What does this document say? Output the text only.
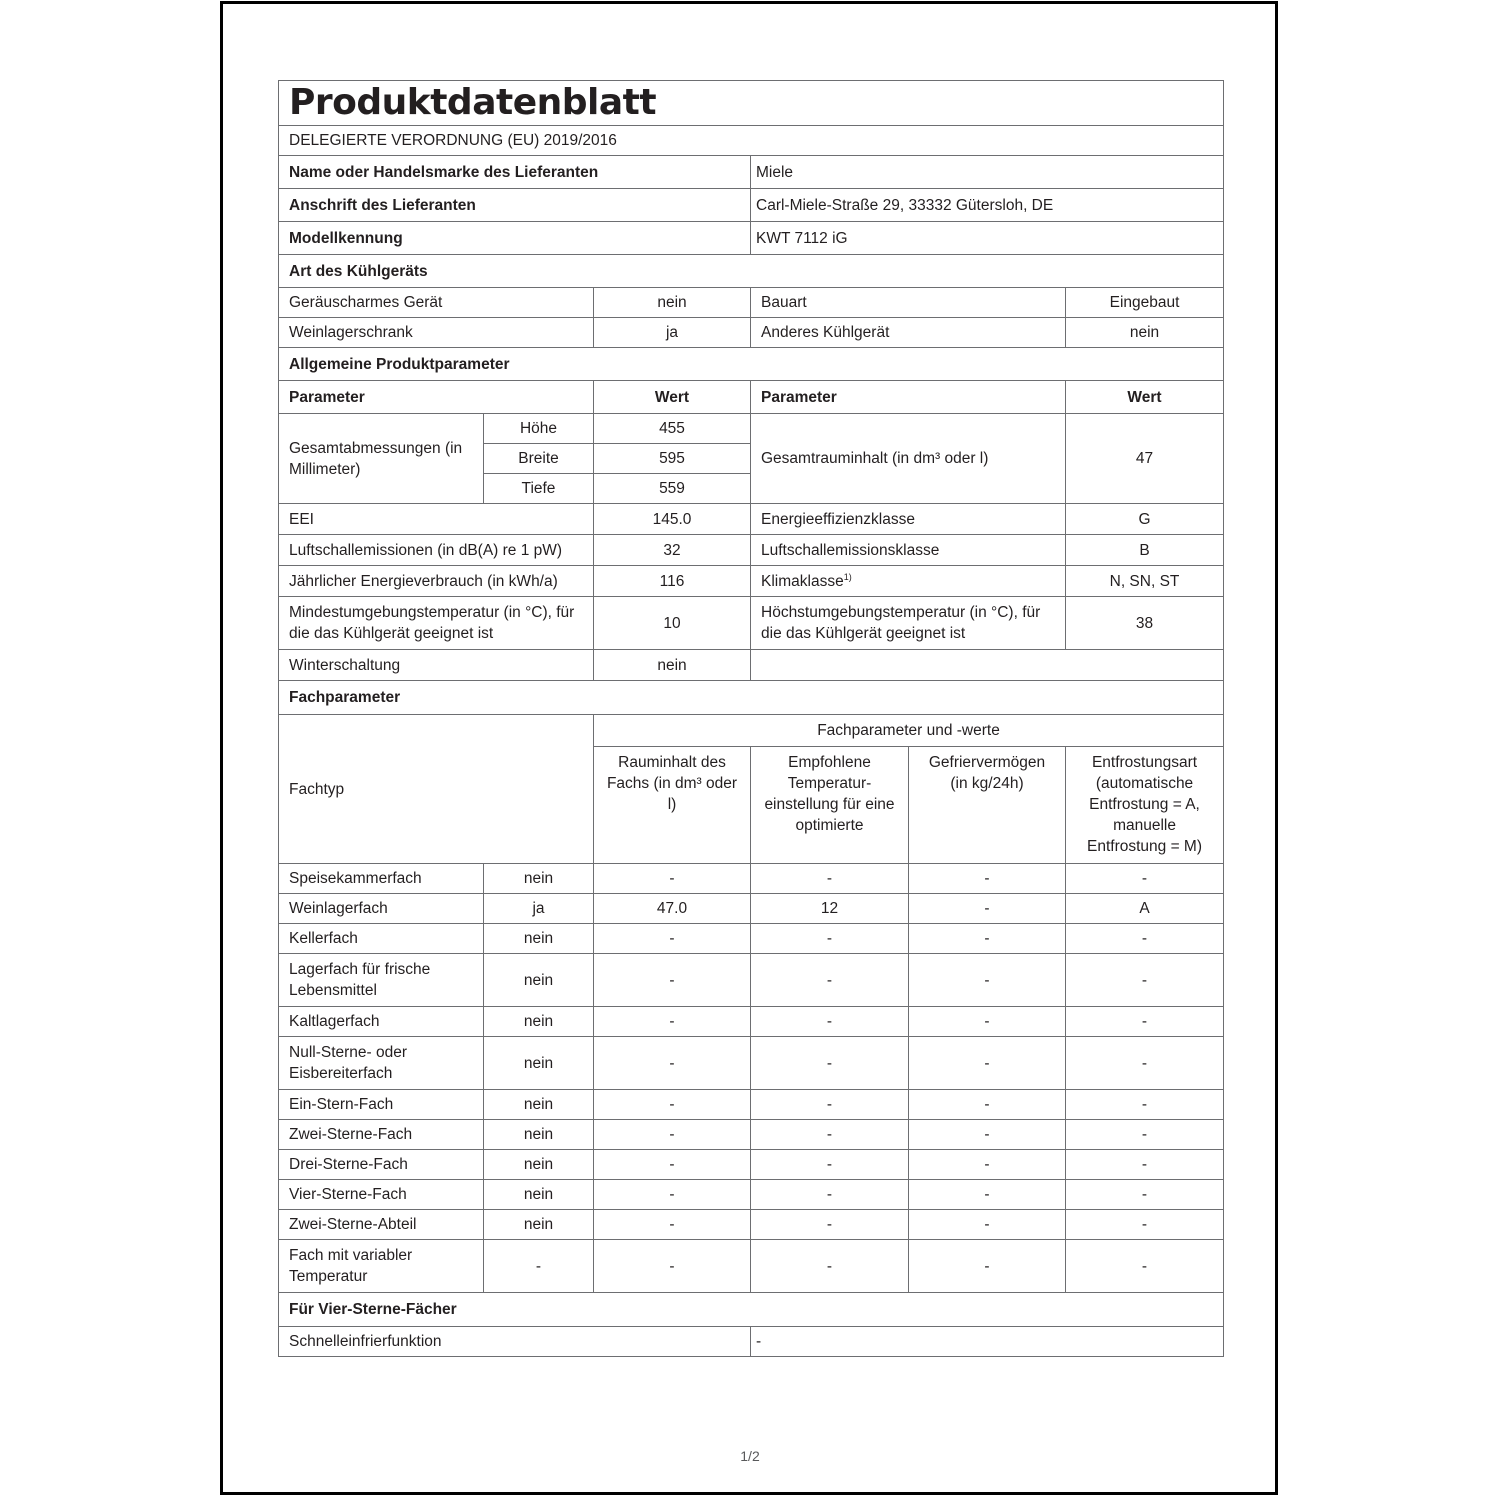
Produktdatenblatt					

DELEGIERTE VERORDNUNG (EU) 2019/2016					
Name oder Handelsmarke des Lieferanten			Miele		
Anschrift des Lieferanten			Carl-Miele-Straße 29, 33332 Gütersloh, DE		
Modellkennung			KWT 7112 iG		
Art des Kühlgeräts					
Geräuscharmes Gerät		nein	Bauart		Eingebaut
Weinlagerschrank		ja	Anderes Kühlgerät		nein
Allgemeine Produktparameter					
Parameter		Wert	Parameter		Wert
Gesamtabmessungen (in Millimeter)	Höhe	455	Gesamtrauminhalt (in dm³ oder l)		47
	Breite	595			
	Tiefe	559			
EEI		145.0	Energieeffizienzklasse		G
Luftschallemissionen (in dB(A) re 1 pW)		32	Luftschallemissionsklasse		B
Jährlicher Energieverbrauch (in kWh/a)		116	Klimaklasse$^{1)}$		N, SN, ST
Mindestumgebungstemperatur (in °C), für die das Kühlgerät geeignet ist		10	Höchstumgebungstemperatur (in °C), für die das Kühlgerät geeignet ist		38
Winterschaltung		nein			
Fachparameter					
Fachtyp		Fachparameter und -werte			
		Rauminhalt des Fachs (in dm³ oder l)	Empfohlene Temperatur-einstellung für eine optimierte	Gefriervermögen (in kg/24h)	Entfrostungsart (automatische Entfrostung = A, manuelle Entfrostung = M)
Speisekammerfach	nein	-	-	-	-
Weinlagerfach	ja	47.0	12	-	A
Kellerfach	nein	-	-	-	-
Lagerfach für frische Lebensmittel	nein	-	-	-	-
Kaltlagerfach	nein	-	-	-	-
Null-Sterne- oder Eisbereiterfach	nein	-	-	-	-
Ein-Stern-Fach	nein	-	-	-	-
Zwei-Sterne-Fach	nein	-	-	-	-
Drei-Sterne-Fach	nein	-	-	-	-
Vier-Sterne-Fach	nein	-	-	-	-
Zwei-Sterne-Abteil	nein	-	-	-	-
Fach mit variabler Temperatur	-	-	-	-	-
Für Vier-Sterne-Fächer					
Schnelleinfrierfunktion			-		
1/2
